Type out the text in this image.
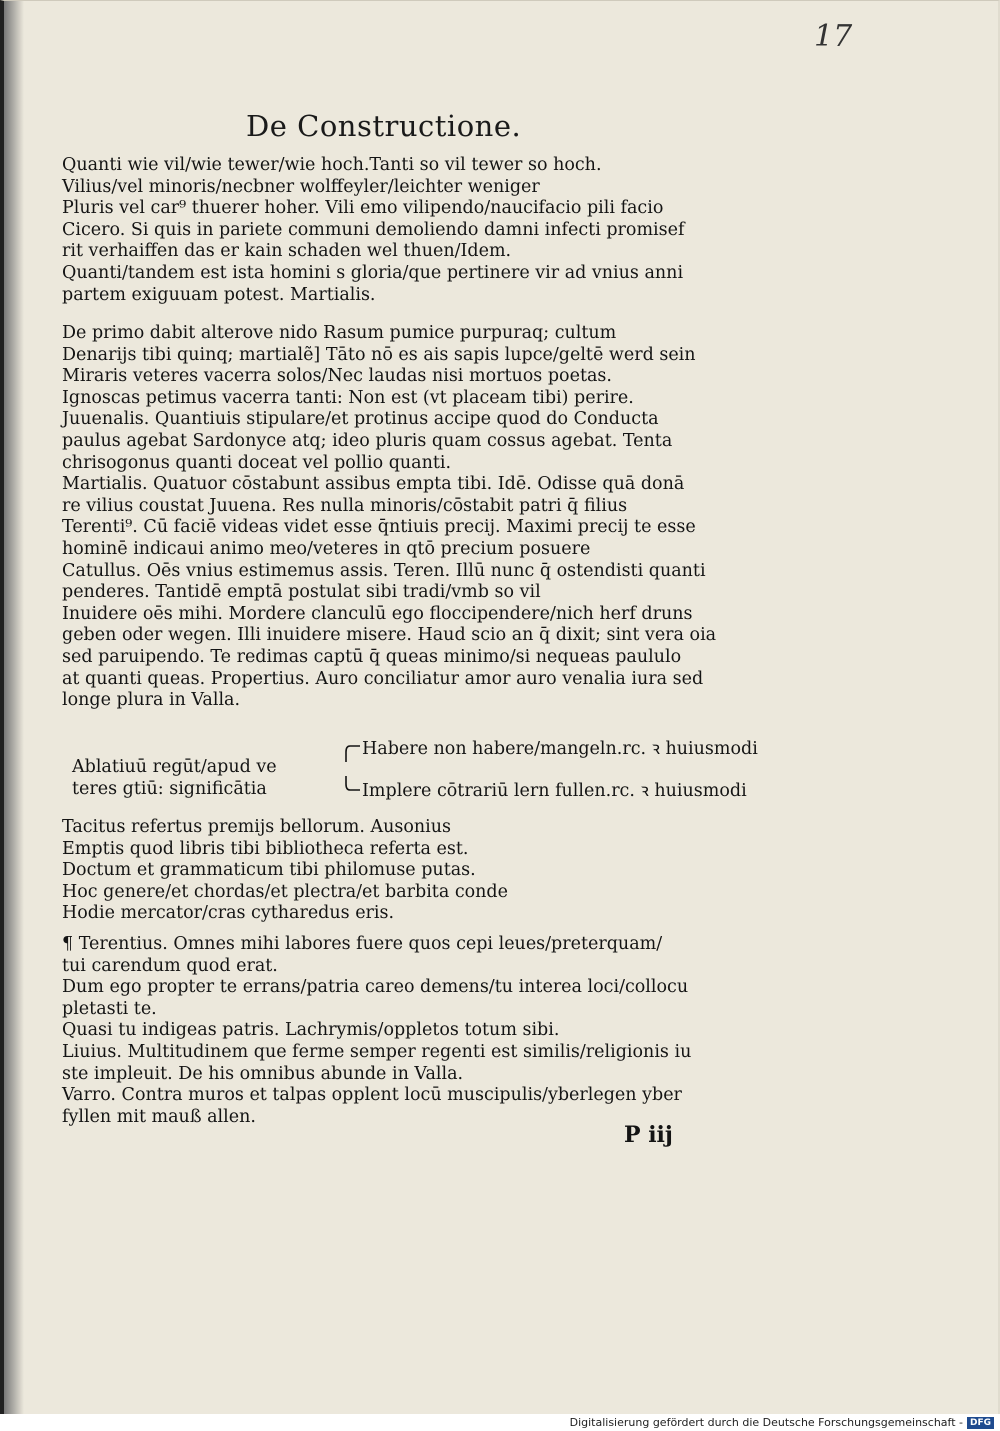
17
De Constructione.
Quanti wie vil/wie tewer/wie hoch.Tanti so vil tewer so hoch.
Vilius/vel minoris/necbner wolffeyler/leichter weniger
Pluris vel car⁹ thuerer hoher. Vili emo vilipendo/naucifacio pili facio
Cicero. Si quis in pariete communi demoliendo damni infecti promisef
rit verhaiffen das er kain schaden wel thuen/Idem.
Quanti/tandem est ista homini s gloria/que pertinere vir ad vnius anni
partem exiguuam potest. Martialis.
De primo dabit alterove nido Rasum pumice purpuraq; cultum
Denarijs tibi quinq; martialẽ] Tāto nō es ais sapis lupce/geltē werd sein
Miraris veteres vacerra solos/Nec laudas nisi mortuos poetas.
Ignoscas petimus vacerra tanti: Non est (vt placeam tibi) perire.
Juuenalis. Quantiuis stipulare/et protinus accipe quod do Conducta
paulus agebat Sardonyce atq; ideo pluris quam cossus agebat. Tenta
chrisogonus quanti doceat vel pollio quanti.
Martialis. Quatuor cōstabunt assibus empta tibi. Idē. Odisse quā donā
re vilius coustat Juuena. Res nulla minoris/cōstabit patri q̄ filius
Terenti⁹. Cū faciē videas videt esse q̄ntiuis precij. Maximi precij te esse
hominē indicaui animo meo/veteres in qtō precium posuere
Catullus. Oēs vnius estimemus assis. Teren. Illū nunc q̄ ostendisti quanti
penderes. Tantidē emptā postulat sibi tradi/vmb so vil
Inuidere oēs mihi. Mordere clanculū ego floccipendere/nich herf druns
geben oder wegen. Illi inuidere misere. Haud scio an q̄ dixit; sint vera oia
sed paruipendo. Te redimas captū q̄ queas minimo/si nequeas paululo
at quanti queas. Propertius. Auro conciliatur amor auro venalia iura sed
longe plura in Valla.
Ablatiuū regūt/apud ve
teres gtiū: significātia
Habere non habere/mangeln.rc. ꝛ huiusmodi
Implere cōtrariū lern fullen.rc. ꝛ huiusmodi
Tacitus refertus premijs bellorum. Ausonius
Emptis quod libris tibi bibliotheca referta est.
Doctum et grammaticum tibi philomuse putas.
Hoc genere/et chordas/et plectra/et barbita conde
Hodie mercator/cras cytharedus eris.
¶ Terentius. Omnes mihi labores fuere quos cepi leues/preterquam/
tui carendum quod erat.
Dum ego propter te errans/patria careo demens/tu interea loci/collocu
pletasti te.
Quasi tu indigeas patris. Lachrymis/oppletos totum sibi.
Liuius. Multitudinem que ferme semper regenti est similis/religionis iu
ste impleuit. De his omnibus abunde in Valla.
Varro. Contra muros et talpas opplent locū muscipulis/yberlegen yber
fyllen mit mauß allen.
P iij
Digitalisierung gefördert durch die Deutsche Forschungsgemeinschaft - DFG
